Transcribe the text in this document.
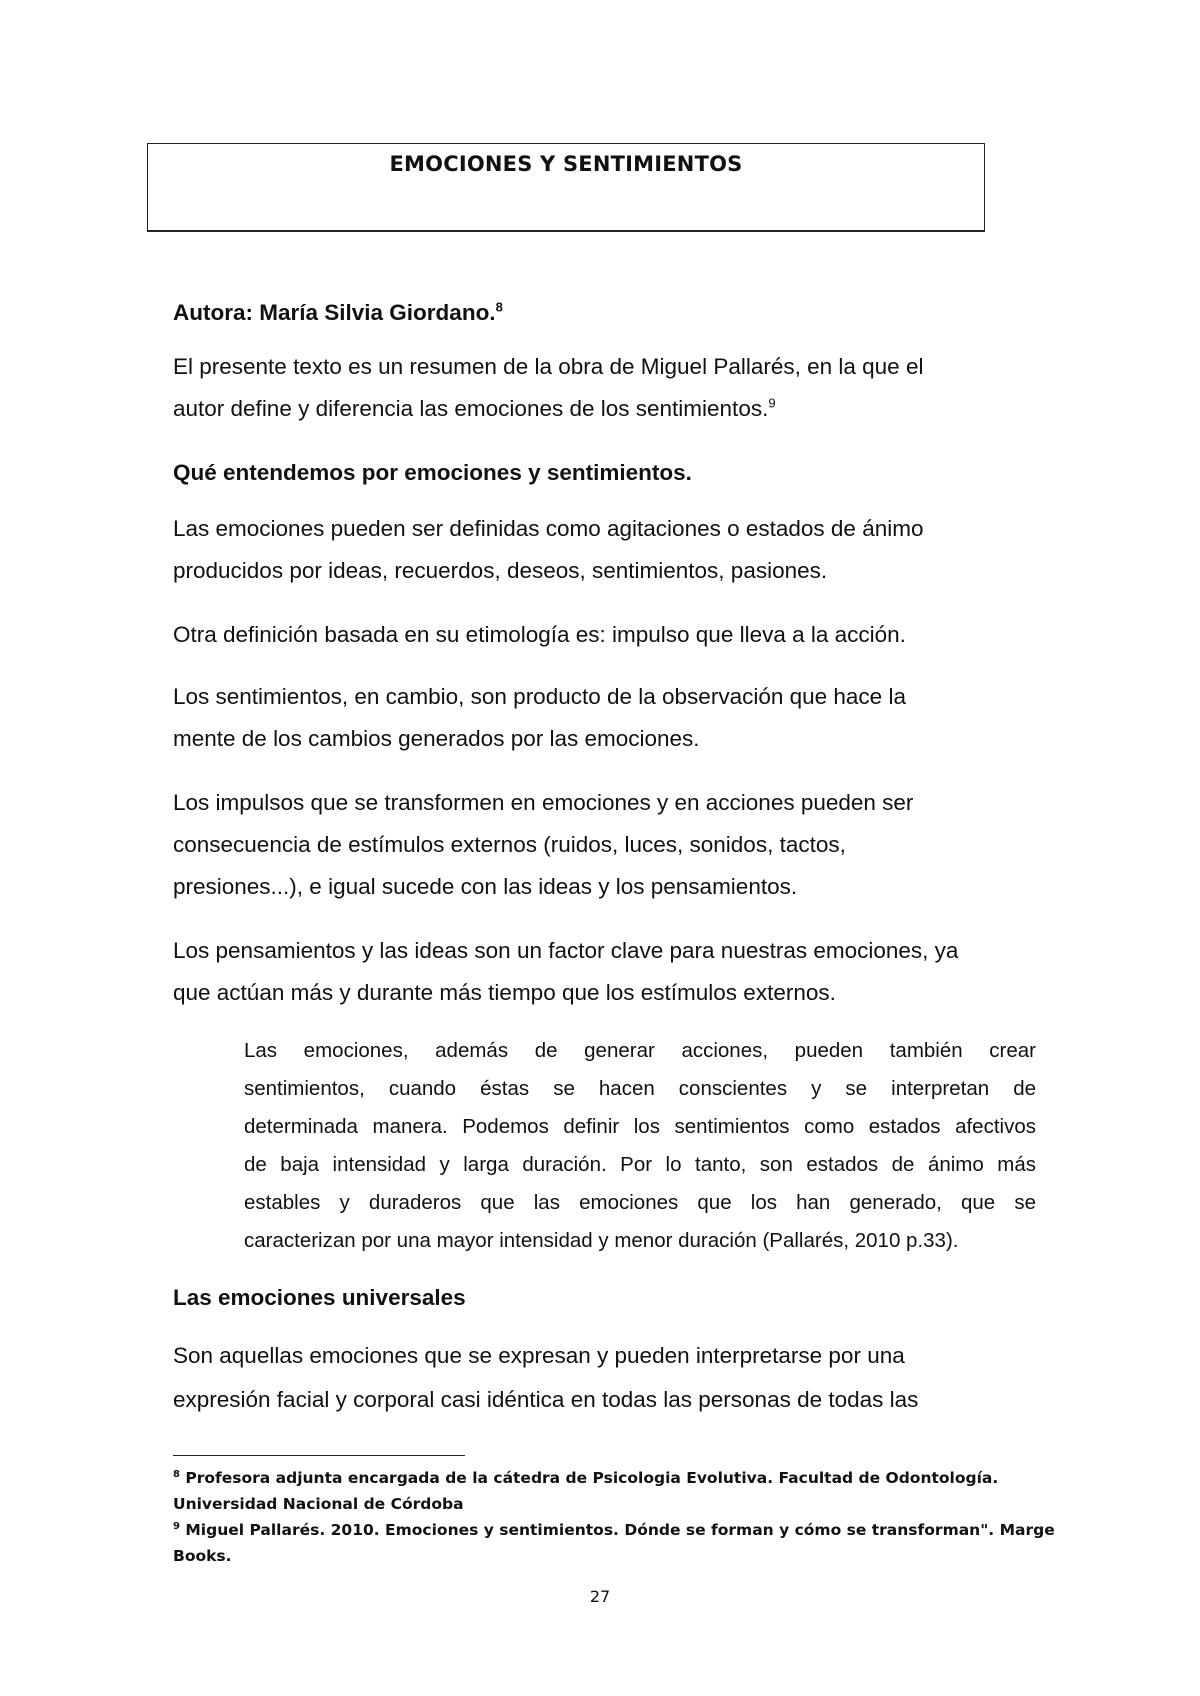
EMOCIONES Y SENTIMIENTOS
Autora: María Silvia Giordano.$^8$
El presente texto es un resumen de la obra de Miguel Pallarés, en la que el
autor define y diferencia las emociones de los sentimientos.$^9$
Qué entendemos por emociones y sentimientos.
Las emociones pueden ser definidas como agitaciones o estados de ánimo
producidos por ideas, recuerdos, deseos, sentimientos, pasiones.
Otra definición basada en su etimología es: impulso que lleva a la acción.
Los sentimientos, en cambio, son producto de la observación que hace la
mente de los cambios generados por las emociones.
Los impulsos que se transformen en emociones y en acciones pueden ser
consecuencia de estímulos externos (ruidos, luces, sonidos, tactos,
presiones...), e igual sucede con las ideas y los pensamientos.
Los pensamientos y las ideas son un factor clave para nuestras emociones, ya
que actúan más y durante más tiempo que los estímulos externos.
Las emociones, además de generar acciones, pueden también crear
sentimientos, cuando éstas se hacen conscientes y se interpretan de
determinada manera. Podemos definir los sentimientos como estados afectivos
de baja intensidad y larga duración. Por lo tanto, son estados de ánimo más
estables y duraderos que las emociones que los han generado, que se
caracterizan por una mayor intensidad y menor duración (Pallarés, 2010 p.33).
Las emociones universales
Son aquellas emociones que se expresan y pueden interpretarse por una
expresión facial y corporal casi idéntica en todas las personas de todas las
$^8$ Profesora adjunta encargada de la cátedra de Psicologia Evolutiva. Facultad de Odontología.
Universidad Nacional de Córdoba
$^9$ Miguel Pallarés. 2010. Emociones y sentimientos. Dónde se forman y cómo se transforman". Marge
Books.
27
